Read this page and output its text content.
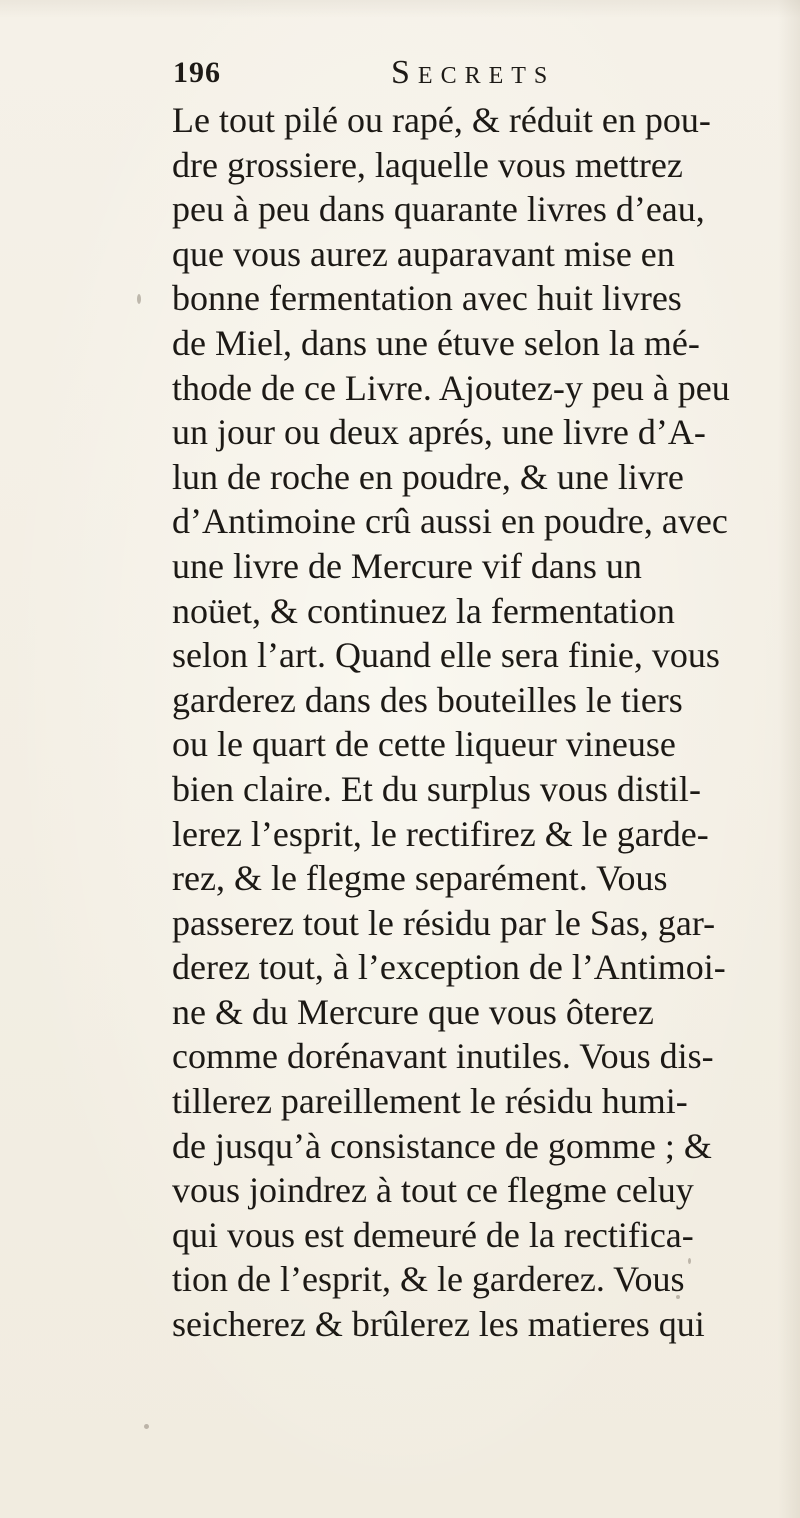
196	Secrets
Le tout pilé ou rapé, & réduit en pou-
dre grossiere, laquelle vous mettrez
peu à peu dans quarante livres d’eau,
que vous aurez auparavant mise en
bonne fermentation avec huit livres
de Miel, dans une étuve selon la mé-
thode de ce Livre. Ajoutez-y peu à peu
un jour ou deux aprés, une livre d’A-
lun de roche en poudre, & une livre
d’Antimoine crû aussi en poudre, avec
une livre de Mercure vif dans un
noüet, & continuez la fermentation
selon l’art. Quand elle sera finie, vous
garderez dans des bouteilles le tiers
ou le quart de cette liqueur vineuse
bien claire. Et du surplus vous distil-
lerez l’esprit, le rectifirez & le garde-
rez, & le flegme separément. Vous
passerez tout le résidu par le Sas, gar-
derez tout, à l’exception de l’Antimoi-
ne & du Mercure que vous ôterez
comme dorénavant inutiles. Vous dis-
tillerez pareillement le résidu humi-
de jusqu’à consistance de gomme ; &
vous joindrez à tout ce flegme celuy
qui vous est demeuré de la rectifica-
tion de l’esprit, & le garderez. Vous
seicherez & brûlerez les matieres qui
